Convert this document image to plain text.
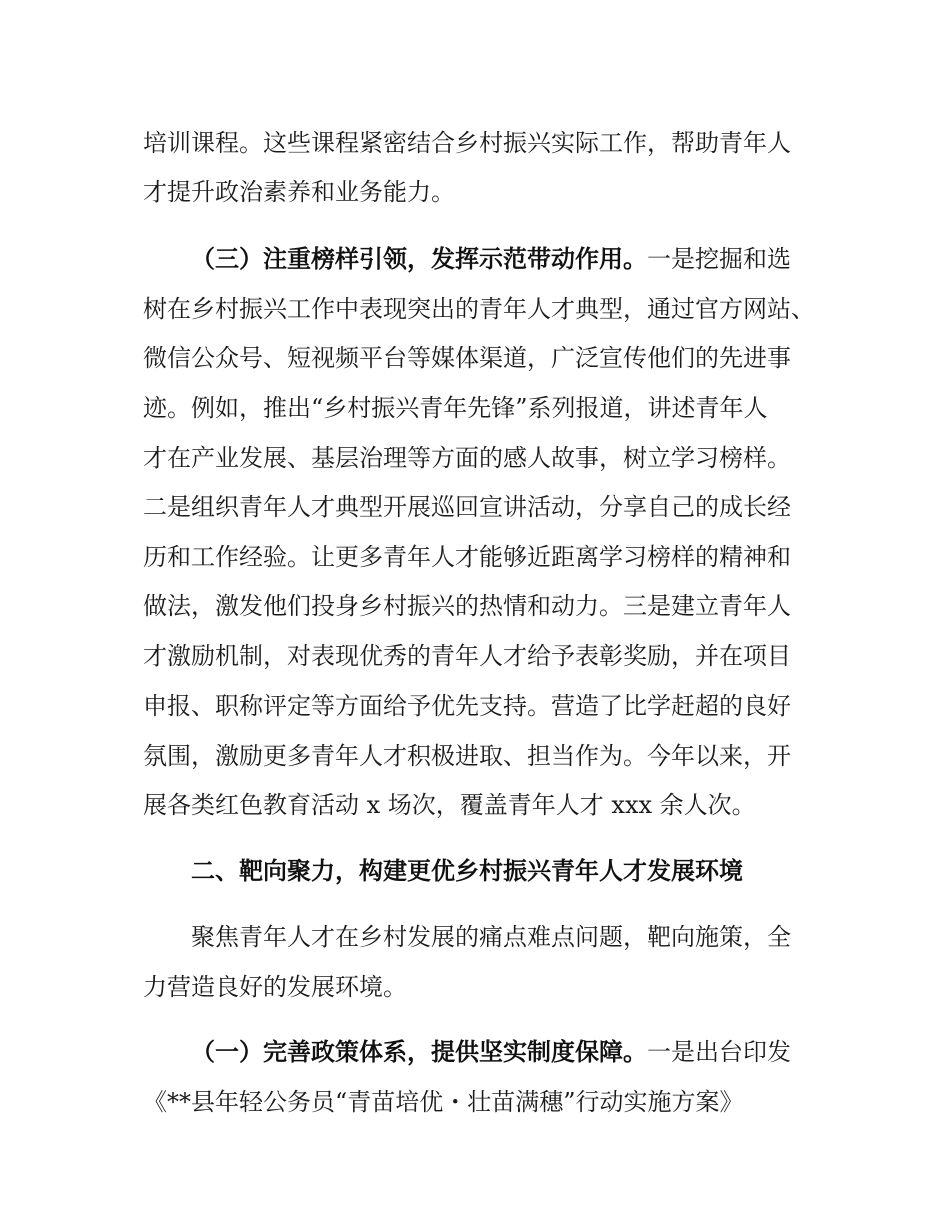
培训课程。这些课程紧密结合乡村振兴实际工作，帮助青年人
才提升政治素养和业务能力。
（三）注重榜样引领，发挥示范带动作用。一是挖掘和选
树在乡村振兴工作中表现突出的青年人才典型，通过官方网站、
微信公众号、短视频平台等媒体渠道，广泛宣传他们的先进事
迹。例如，推出“乡村振兴青年先锋”系列报道，讲述青年人
才在产业发展、基层治理等方面的感人故事，树立学习榜样。
二是组织青年人才典型开展巡回宣讲活动，分享自己的成长经
历和工作经验。让更多青年人才能够近距离学习榜样的精神和
做法，激发他们投身乡村振兴的热情和动力。三是建立青年人
才激励机制，对表现优秀的青年人才给予表彰奖励，并在项目
申报、职称评定等方面给予优先支持。营造了比学赶超的良好
氛围，激励更多青年人才积极进取、担当作为。今年以来，开
展各类红色教育活动 x 场次，覆盖青年人才 xxx 余人次。
二、靶向聚力，构建更优乡村振兴青年人才发展环境
聚焦青年人才在乡村发展的痛点难点问题，靶向施策，全
力营造良好的发展环境。
（一）完善政策体系，提供坚实制度保障。一是出台印发
《**县年轻公务员“青苗培优・壮苗满穗”行动实施方案》
